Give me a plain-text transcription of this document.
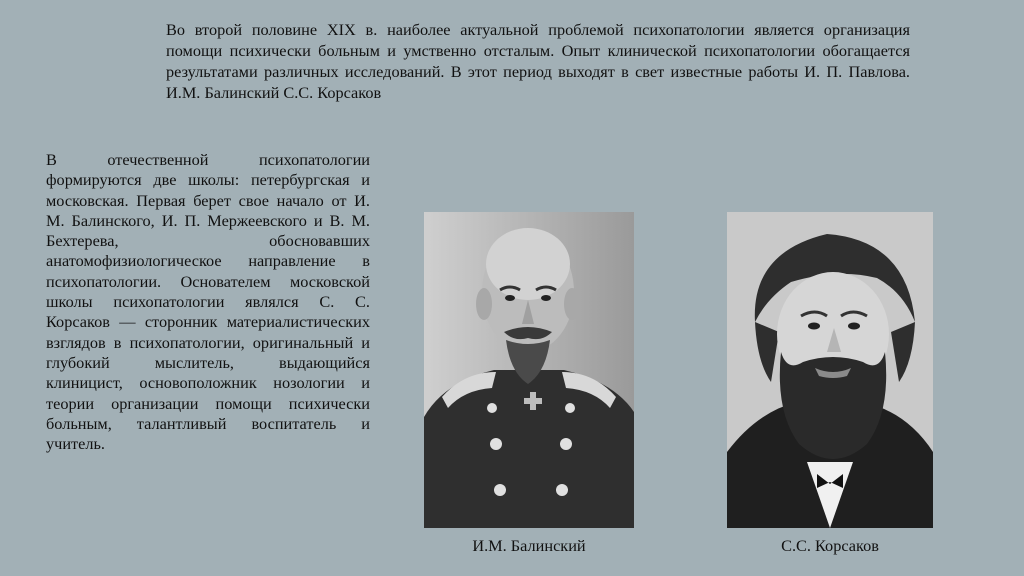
Во второй половине XIX в. наиболее актуальной проблемой психопатологии является организация помощи психически больным и умственно отсталым. Опыт клинической психопатологии обогащается результатами различных исследований. В этот период выходят в свет известные работы И. П. Павлова. И.М. Балинский С.С. Корсаков

В отечественной психопатологии формируются две школы: петербургская и московская. Первая берет свое начало от И. М. Балинского, И. П. Мержеевского и В. М. Бехтерева, обосновавших анатомофизиологическое направление в психопатологии. Основателем московской школы психопатологии являлся С. С. Корсаков — сторонник материалистических взглядов в психопатологии, оригинальный и глубокий мыслитель, выдающийся клиницист, основоположник нозологии и теории организации помощи психически больным, талантливый воспитатель и учитель.

И.М. Балинский	С.С. Корсаков
